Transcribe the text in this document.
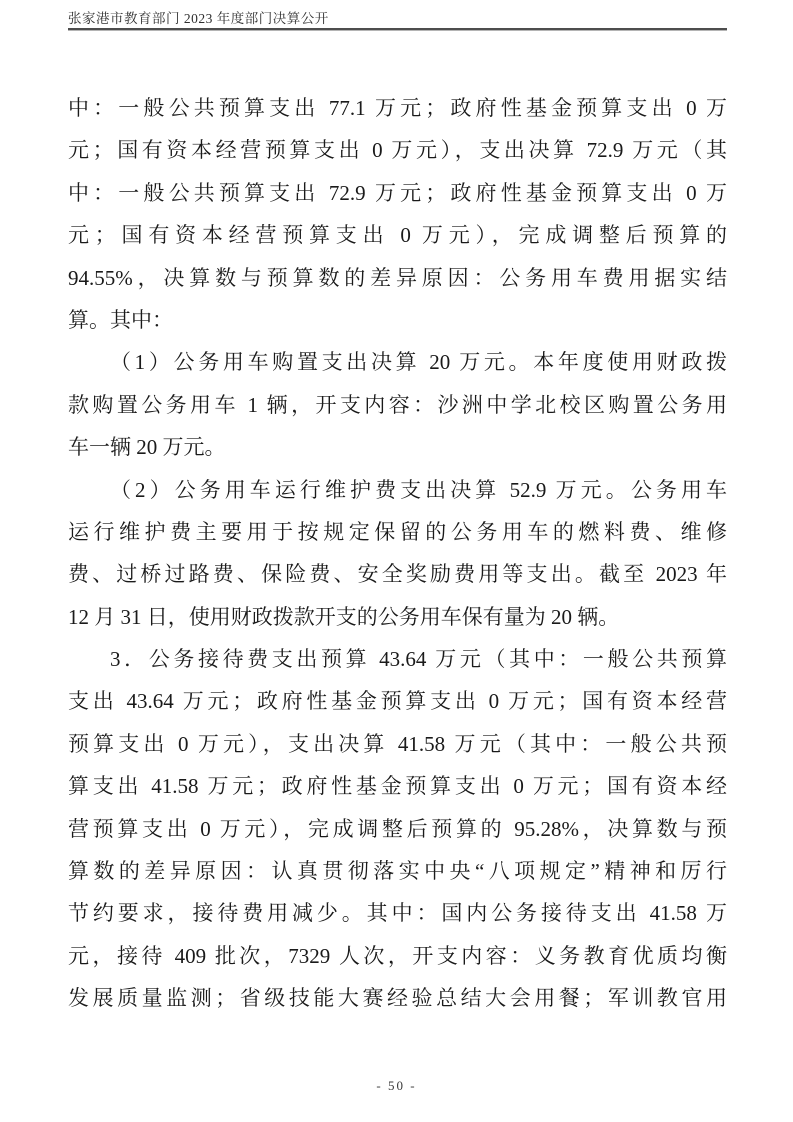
张家港市教育部门 2023 年度部门决算公开
中：一般公共预算支出 77.1 万元；政府性基金预算支出 0 万
元；国有资本经营预算支出 0 万元），支出决算 72.9 万元（其
中：一般公共预算支出 72.9 万元；政府性基金预算支出 0 万
元；国有资本经营预算支出 0 万元），完成调整后预算的
94.55%，决算数与预算数的差异原因：公务用车费用据实结
算。其中：
（1）公务用车购置支出决算 20 万元。本年度使用财政拨
款购置公务用车 1 辆，开支内容：沙洲中学北校区购置公务用
车一辆 20 万元。
（2）公务用车运行维护费支出决算 52.9 万元。公务用车
运行维护费主要用于按规定保留的公务用车的燃料费、维修
费、过桥过路费、保险费、安全奖励费用等支出。截至 2023 年
12 月 31 日，使用财政拨款开支的公务用车保有量为 20 辆。
3．公务接待费支出预算 43.64 万元（其中：一般公共预算
支出 43.64 万元；政府性基金预算支出 0 万元；国有资本经营
预算支出 0 万元），支出决算 41.58 万元（其中：一般公共预
算支出 41.58 万元；政府性基金预算支出 0 万元；国有资本经
营预算支出 0 万元），完成调整后预算的 95.28%，决算数与预
算数的差异原因：认真贯彻落实中央“八项规定”精神和厉行
节约要求，接待费用减少。其中：国内公务接待支出 41.58 万
元，接待 409 批次，7329 人次，开支内容：义务教育优质均衡
发展质量监测；省级技能大赛经验总结大会用餐；军训教官用
- 50 -
